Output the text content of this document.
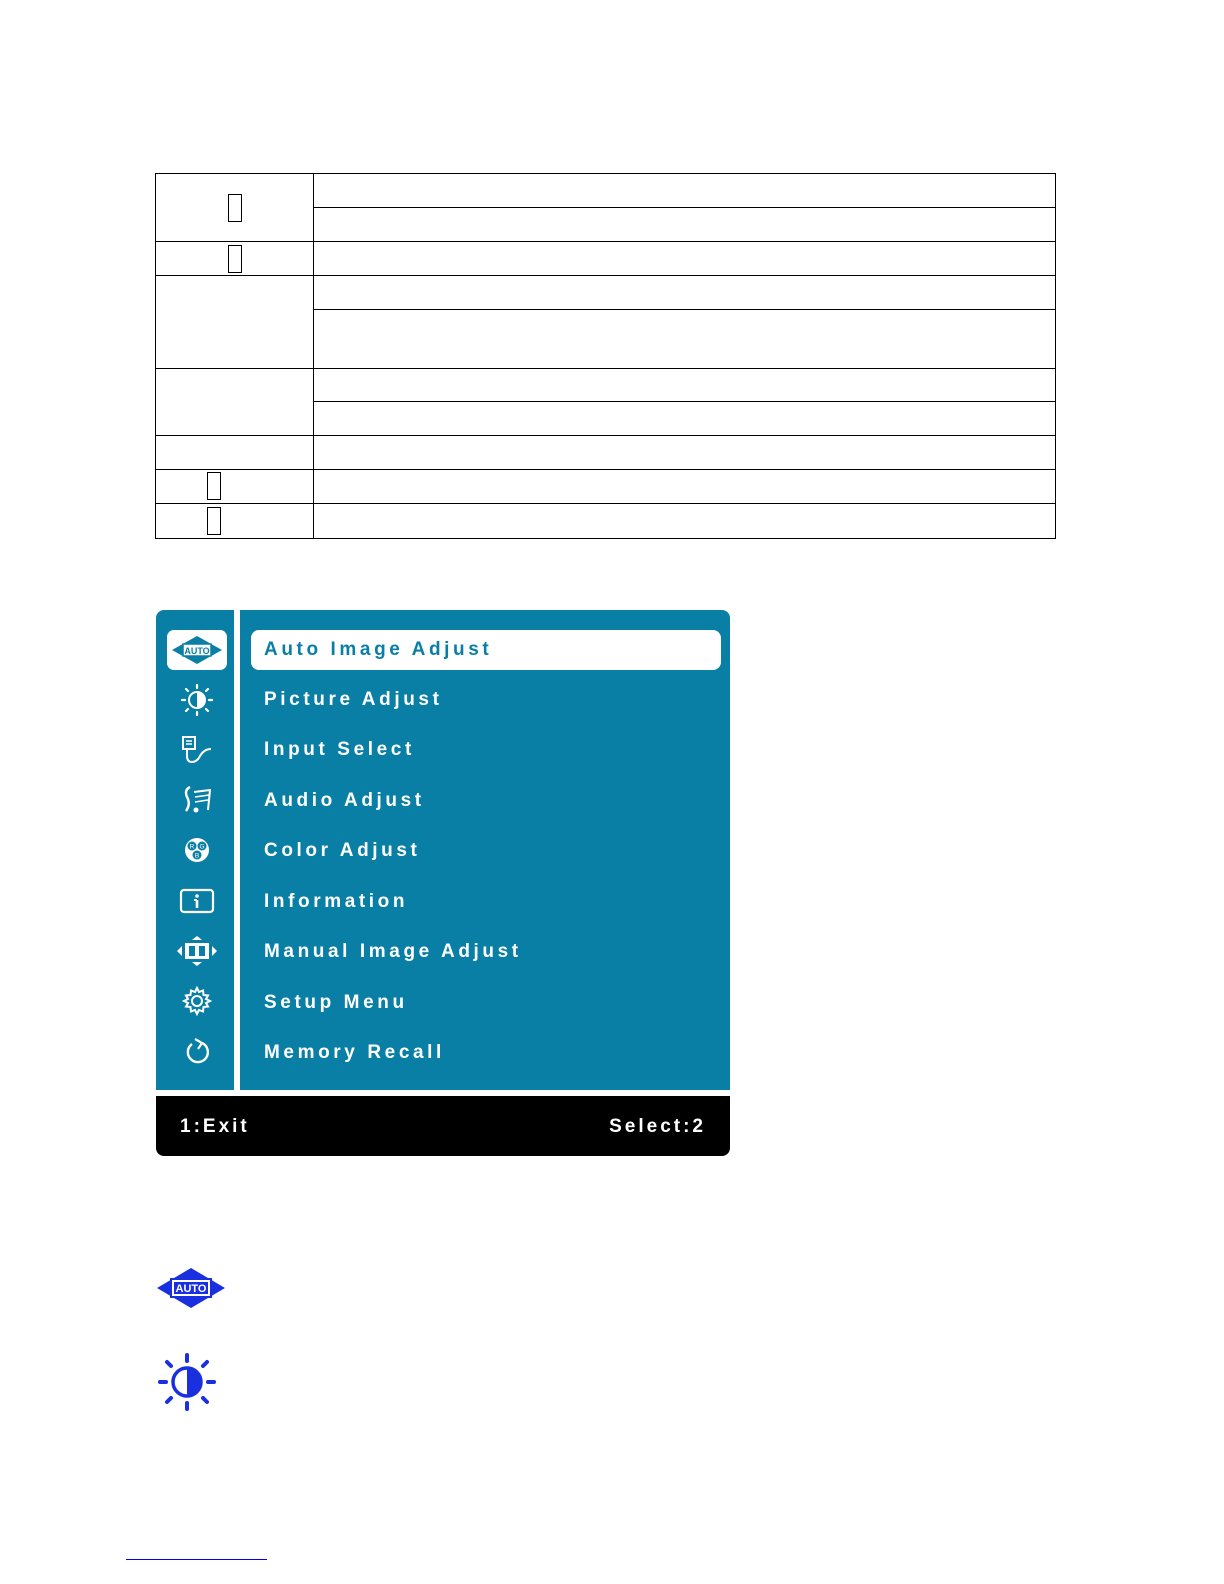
AUTO
R G
B
Auto Image Adjust
Picture Adjust
Input Select
Audio Adjust
Color Adjust
Information
Manual Image Adjust
Setup Menu
Memory Recall
1:Exit	Select:2
AUTO
